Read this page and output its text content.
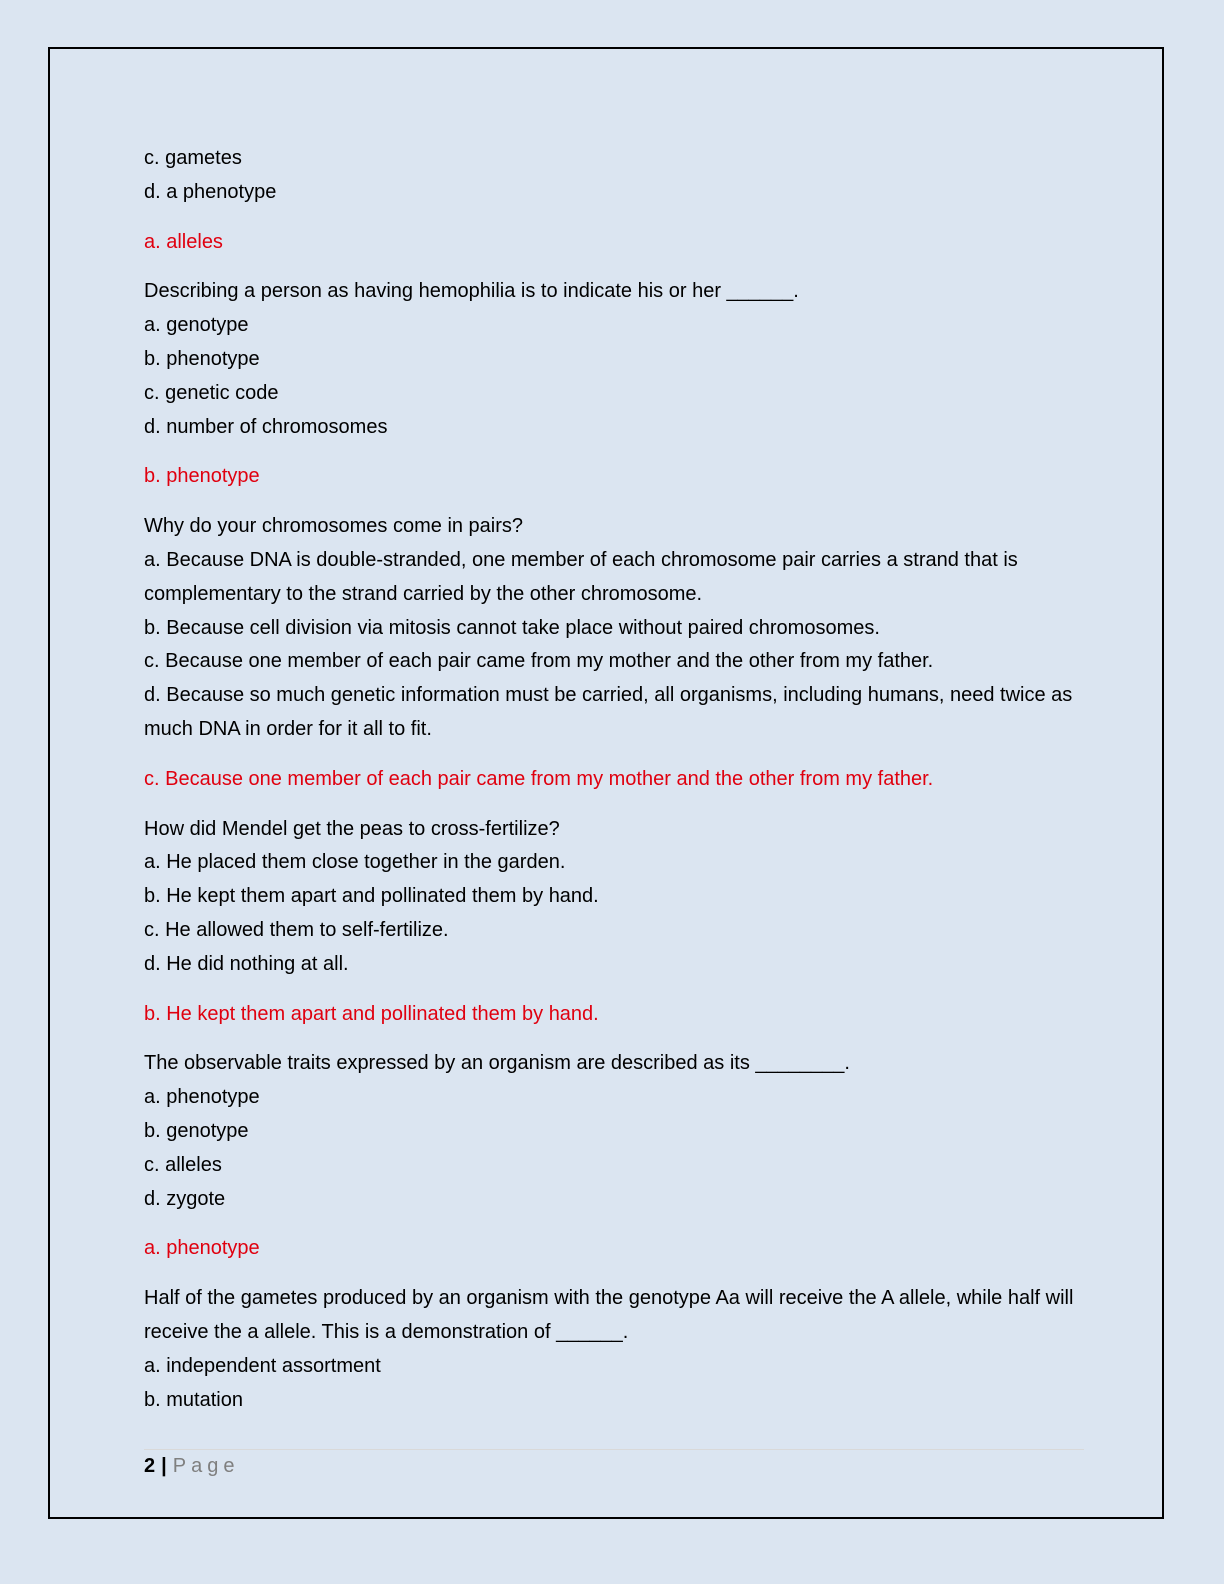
c. gametes

d. a phenotype

a. alleles

Describing a person as having hemophilia is to indicate his or her ______.

a. genotype

b. phenotype

c. genetic code

d. number of chromosomes

b. phenotype

Why do your chromosomes come in pairs?

a. Because DNA is double-stranded, one member of each chromosome pair carries a strand that is complementary to the strand carried by the other chromosome.

b. Because cell division via mitosis cannot take place without paired chromosomes.

c. Because one member of each pair came from my mother and the other from my father.

d. Because so much genetic information must be carried, all organisms, including humans, need twice as much DNA in order for it all to fit.

c. Because one member of each pair came from my mother and the other from my father.

How did Mendel get the peas to cross-fertilize?

a. He placed them close together in the garden.

b. He kept them apart and pollinated them by hand.

c. He allowed them to self-fertilize.

d. He did nothing at all.

b. He kept them apart and pollinated them by hand.

The observable traits expressed by an organism are described as its ________.

a. phenotype

b. genotype

c. alleles

d. zygote

a. phenotype

Half of the gametes produced by an organism with the genotype Aa will receive the A allele, while half will receive the a allele. This is a demonstration of ______.

a. independent assortment

b. mutation

2 | Page
